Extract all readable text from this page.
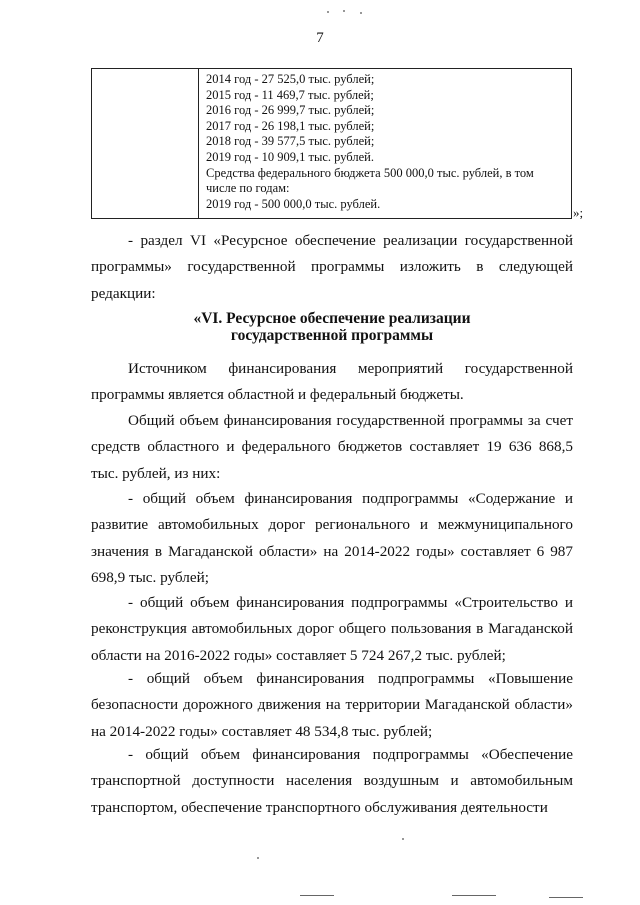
7
2014 год - 27 525,0 тыс. рублей;
2015 год - 11 469,7 тыс. рублей;
2016 год - 26 999,7 тыс. рублей;
2017 год - 26 198,1 тыс. рублей;
2018 год - 39 577,5 тыс. рублей;
2019 год - 10 909,1 тыс. рублей.
Средства федерального бюджета 500 000,0 тыс. рублей, в том числе по годам:
2019 год - 500 000,0 тыс. рублей.
»;

- раздел VI «Ресурсное обеспечение реализации государственной программы» государственной программы изложить в следующей редакции:

«VI. Ресурсное обеспечение реализации
государственной программы

Источником финансирования мероприятий государственной программы является областной и федеральный бюджеты.

Общий объем финансирования государственной программы за счет средств областного и федерального бюджетов составляет 19 636 868,5 тыс. рублей, из них:

- общий объем финансирования подпрограммы «Содержание и развитие автомобильных дорог регионального и межмуниципального значения в Магаданской области» на 2014-2022 годы» составляет 6 987 698,9 тыс. рублей;

- общий объем финансирования подпрограммы «Строительство и реконструкция автомобильных дорог общего пользования в Магаданской области на 2016-2022 годы» составляет 5 724 267,2 тыс. рублей;

- общий объем финансирования подпрограммы «Повышение безопасности дорожного движения на территории Магаданской области» на 2014-2022 годы» составляет 48 534,8 тыс. рублей;

- общий объем финансирования подпрограммы «Обеспечение транспортной доступности населения воздушным и автомобильным транспортом, обеспечение транспортного обслуживания деятельности
